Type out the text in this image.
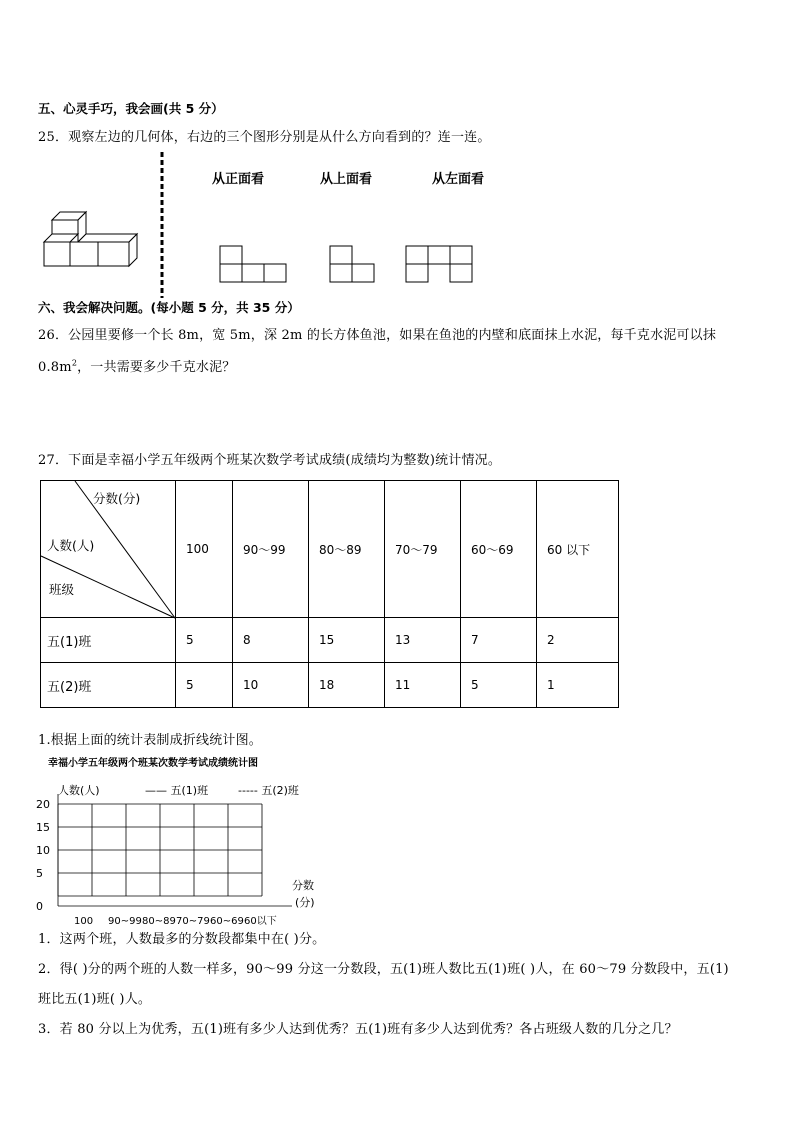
五、心灵手巧，我会画(共 5 分）
25．观察左边的几何体，右边的三个图形分别是从什么方向看到的？连一连。
从正面看	从上面看	从左面看
六、我会解决问题。(每小题 5 分，共 35 分）
26．公园里要修一个长 8m，宽 5m，深 2m 的长方体鱼池，如果在鱼池的内壁和底面抹上水泥，每千克水泥可以抹
$0.8m^2$，一共需要多少千克水泥？
27．下面是幸福小学五年级两个班某次数学考试成绩(成绩均为整数)统计情况。
分数(分)
人数(人)
班级	100	90～99	80～89	70～79	60～69	60 以下
五(1)班	5	8	15	13	7	2
五(2)班	5	10	18	11	5	1
1.根据上面的统计表制成折线统计图。
幸福小学五年级两个班某次数学考试成绩统计图
人数(人)	—— 五(1)班	----- 五(2)班
20
15
10
5
0
100 90~99 80~89 70~79 60~69 60以下
分数
(分)
1．这两个班，人数最多的分数段都集中在( )分。
2．得( )分的两个班的人数一样多，90～99 分这一分数段，五(1)班人数比五(1)班( )人，在 60～79 分数段中，五(1)
班比五(1)班( )人。
3．若 80 分以上为优秀，五(1)班有多少人达到优秀？五(1)班有多少人达到优秀？各占班级人数的几分之几？
